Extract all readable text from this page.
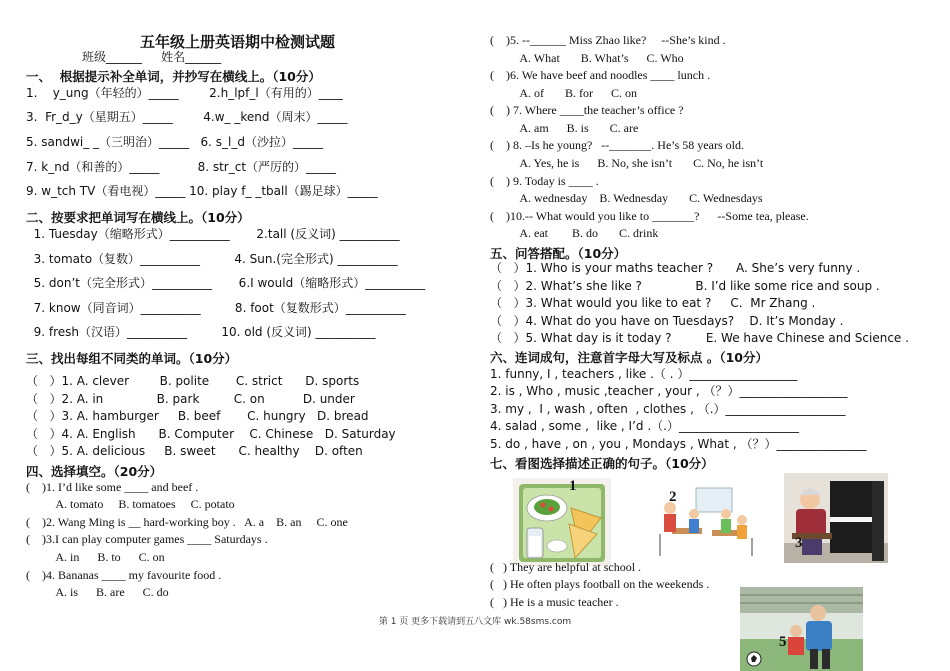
五年级上册英语期中检测试题
班级______     姓名______
一、  根据提示补全单词，并抄写在横线上。（10分）
1.    y_ung（年轻的）_____        2.h_lpf_l（有用的）____
3.  Fr_d_y（星期五）_____        4.w_ _kend（周末）_____
5. sandwi_ _（三明治）_____   6. s_l_d（沙拉）_____
7. k_nd（和善的）_____          8. str_ct（严厉的）_____
9. w_tch TV（看电视）_____ 10. play f_ _tball（踢足球）_____
二、按要求把单词写在横线上。（10分）
1. Tuesday（缩略形式）__________       2.tall (反义词) __________
3. tomato（复数）__________         4. Sun.(完全形式) __________
5. don’t（完全形式）__________       6.I would（缩略形式）__________
7. know（同音词）__________         8. foot（复数形式）__________
9. fresh（汉语）__________         10. old (反义词) __________
三、找出每组不同类的单词。（10分）
（   ）1. A. clever        B. polite       C. strict      D. sports
（   ）2. A. in              B. park         C. on          D. under
（   ）3. A. hamburger     B. beef       C. hungry   D. bread
（   ）4. A. English      B. Computer    C. Chinese   D. Saturday
（   ）5. A. delicious     B. sweet      C. healthy    D. often
四、选择填空。（20分）
(    )1. I’d like some ____ and beef .
A. tomato     B. tomatoes     C. potato
(    )2. Wang Ming is __ hard-working boy .   A. a    B. an     C. one
(    )3.I can play computer games ____ Saturdays .
A. in      B. to      C. on
(    )4. Bananas ____ my favourite food .
A. is      B. are      C. do
(    )5. --______ Miss Zhao like?     --She’s kind .
A. What       B. What’s      C. Who
(    )6. We have beef and noodles ____ lunch .
A. of       B. for      C. on
(    ) 7. Where ____the teacher’s office ?
A. am      B. is       C. are
(    ) 8. –Is he young?   --_______. He’s 58 years old.
A. Yes, he is      B. No, she isn’t       C. No, he isn’t
(    ) 9. Today is ____ .
A. wednesday    B. Wednesday       C. Wednesdays
(    )10.-- What would you like to _______?      --Some tea, please.
A. eat        B. do       C. drink
五、问答搭配。（10分）
（   ）1. Who is your maths teacher ?      A. She’s very funny .
（   ）2. What’s she like ?              B. I’d like some rice and soup .
（   ）3. What would you like to eat ?     C.  Mr Zhang .
（   ）4. What do you have on Tuesdays?    D. It’s Monday .
（   ）5. What day is it today ?         E. We have Chinese and Science .
六、连词成句，注意首字母大写及标点 。（10分）
1. funny, I , teachers , like .（ . ）__________________
2. is , Who , music ,teacher , your , （？）__________________
3. my ,  I , wash , often  , clothes , （.）____________________
4. salad , some ,  like , I’d .（.）____________________
5. do , have , on , you , Mondays , What , （？）_______________
七、看图选择描述正确的句子。（10分）
1
2
3
(   ) They are helpful at school .
(   ) He often plays football on the weekends .
(   ) He is a music teacher .
5
第 1 页 更多下载请到五八文库 wk.58sms.com
